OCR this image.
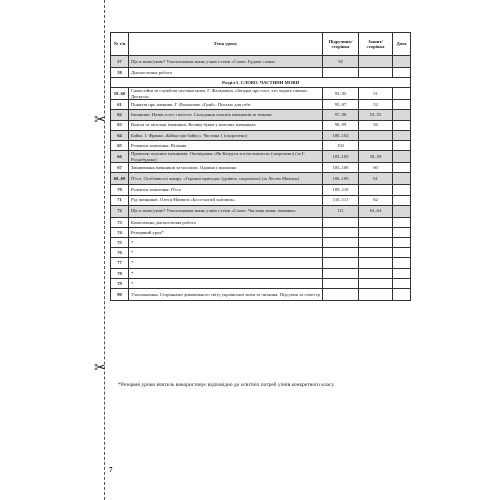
✂
✂
№ з/п	Тема уроку	Підручник/ сторінка	Зошит/ сторінка	Дата
57	Що я знаю/умію? Узагальнення знань учнів з теми «Слово. Будова слова»	92		
58	Діагностична робота			
Розділ 5. СЛОВО. ЧАСТИНИ МОВИ				
59–60	Самостійні та службові частини мови. Г. Фалькович «Загадка про того, хто ходить пішки». Дискусія	93–95	51	
61	Поняття про іменник. Г. Фалькович «Гриб». Письмо для себе	95–97	52	
62	Іменники. Назви істот і неістот. Складання списків іменників за темами	97–98	53–55	
63	Власні та загальні іменники. Велика буква у власних іменниках	98–99	56	
64	Байка. І. Франко «Байка про байку». Частина 1 (скорочено)	100–102		
65	Розвиток мовлення. Вітання	102		
66	Правопис власних іменників. Оповідання «Як Катруся хотіла вчитися» (скорочено) (за Г. Роздобудько)	103–105	58–59	
67	Змінювання іменників за числами. Однина і множина	105–106	60	
68–69	П'єса. Особливості жанру. «Горішні пригоди» (уривок, скорочено) (за Лесею Мовчун)	106–109	61	
70	Розвиток мовлення. П'єса	109–110		
71	Рід іменників. Олеся Мамчич «Босо-ногий сніговик»	110–111	62	
72	Що я знаю/умію? Узагальнення знань учнів з теми «Слово. Частини мови: іменник»	111	63–64	
73	Комплексна діагностична робота			
74	Резервний урок*			
75	*			
76	*			
77	*			
78	*			
79	*			
80	Узагальнення. Сторінками дивовижного світу української мови та читання. Підсумок за семестр			
*Резервні уроки вчитель використовує відповідно до освітніх потреб учнів конкретного класу.
7
